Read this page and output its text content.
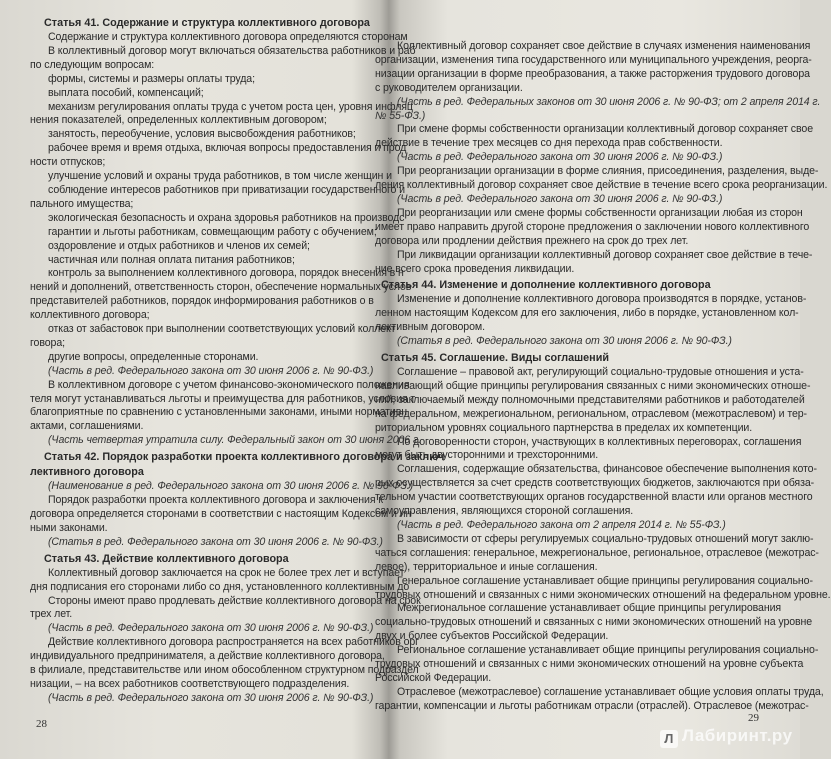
Статья 41. Содержание и структура коллективного договора
Содержание и структура коллективного договора определяются сторонам
В коллективный договор могут включаться обязательства работников и раб
по следующим вопросам:
формы, системы и размеры оплаты труда;
выплата пособий, компенсаций;
механизм регулирования оплаты труда с учетом роста цен, уровня инфляц
нения показателей, определенных коллективным договором;
занятость, переобучение, условия высвобождения работников;
рабочее время и время отдыха, включая вопросы предоставления и прод
ности отпусков;
улучшение условий и охраны труда работников, в том числе женщин и
соблюдение интересов работников при приватизации государственного и
пального имущества;
экологическая безопасность и охрана здоровья работников на производс
гарантии и льготы работникам, совмещающим работу с обучением;
оздоровление и отдых работников и членов их семей;
частичная или полная оплата питания работников;
контроль за выполнением коллективного договора, порядок внесения в н
нений и дополнений, ответственность сторон, обеспечение нормальных услов
представителей работников, порядок информирования работников о в
коллективного договора;
отказ от забастовок при выполнении соответствующих условий коллект
говора;
другие вопросы, определенные сторонами.
(Часть в ред. Федерального закона от 30 июня 2006 г. № 90-ФЗ.)
В коллективном договоре с учетом финансово-экономического положения
теля могут устанавливаться льготы и преимущества для работников, условия т
благоприятные по сравнению с установленными законами, иными нормативн
актами, соглашениями.
(Часть четвертая утратила силу. Федеральный закон от 30 июня 2006 г.
Статья 42. Порядок разработки проекта коллективного договора и заключ
лективного договора
(Наименование в ред. Федерального закона от 30 июня 2006 г. № 90-ФЗ.)
Порядок разработки проекта коллективного договора и заключения к
договора определяется сторонами в соответствии с настоящим Кодексом и ин
ными законами.
(Статья в ред. Федерального закона от 30 июня 2006 г. № 90-ФЗ.)
Статья 43. Действие коллективного договора
Коллективный договор заключается на срок не более трех лет и вступает
дня подписания его сторонами либо со дня, установленного коллективным до
Стороны имеют право продлевать действие коллективного договора на срок
трех лет.
(Часть в ред. Федерального закона от 30 июня 2006 г. № 90-ФЗ.)
Действие коллективного договора распространяется на всех работников орг
индивидуального предпринимателя, а действие коллективного договора,
в филиале, представительстве или ином обособленном структурном подраздел
низации, – на всех работников соответствующего подразделения.
(Часть в ред. Федерального закона от 30 июня 2006 г. № 90-ФЗ.)
Коллективный договор сохраняет свое действие в случаях изменения наименования
организации, изменения типа государственного или муниципального учреждения, реорга-
низации организации в форме преобразования, а также расторжения трудового договора
с руководителем организации.
(Часть в ред. Федеральных законов от 30 июня 2006 г. № 90-ФЗ; от 2 апреля 2014 г.
№ 55-ФЗ.)
При смене формы собственности организации коллективный договор сохраняет свое
действие в течение трех месяцев со дня перехода прав собственности.
(Часть в ред. Федерального закона от 30 июня 2006 г. № 90-ФЗ.)
При реорганизации организации в форме слияния, присоединения, разделения, выде-
ления коллективный договор сохраняет свое действие в течение всего срока реорганизации.
(Часть в ред. Федерального закона от 30 июня 2006 г. № 90-ФЗ.)
При реорганизации или смене формы собственности организации любая из сторон
имеет право направить другой стороне предложения о заключении нового коллективного
договора или продлении действия прежнего на срок до трех лет.
При ликвидации организации коллективный договор сохраняет свое действие в тече-
ние всего срока проведения ликвидации.
Статья 44. Изменение и дополнение коллективного договора
Изменение и дополнение коллективного договора производятся в порядке, установ-
ленном настоящим Кодексом для его заключения, либо в порядке, установленном кол-
лективным договором.
(Статья в ред. Федерального закона от 30 июня 2006 г. № 90-ФЗ.)
Статья 45. Соглашение. Виды соглашений
Соглашение – правовой акт, регулирующий социально-трудовые отношения и уста-
навливающий общие принципы регулирования связанных с ними экономических отноше-
ний, заключаемый между полномочными представителями работников и работодателей
на федеральном, межрегиональном, региональном, отраслевом (межотраслевом) и тер-
риториальном уровнях социального партнерства в пределах их компетенции.
По договоренности сторон, участвующих в коллективных переговорах, соглашения
могут быть двусторонними и трехсторонними.
Соглашения, содержащие обязательства, финансовое обеспечение выполнения кото-
рых осуществляется за счет средств соответствующих бюджетов, заключаются при обяза-
тельном участии соответствующих органов государственной власти или органов местного
самоуправления, являющихся стороной соглашения.
(Часть в ред. Федерального закона от 2 апреля 2014 г. № 55-ФЗ.)
В зависимости от сферы регулируемых социально-трудовых отношений могут заклю-
чаться соглашения: генеральное, межрегиональное, региональное, отраслевое (межотрас-
левое), территориальное и иные соглашения.
Генеральное соглашение устанавливает общие принципы регулирования социально-
трудовых отношений и связанных с ними экономических отношений на федеральном уровне.
Межрегиональное соглашение устанавливает общие принципы регулирования
социально-трудовых отношений и связанных с ними экономических отношений на уровне
двух и более субъектов Российской Федерации.
Региональное соглашение устанавливает общие принципы регулирования социально-
трудовых отношений и связанных с ними экономических отношений на уровне субъекта
Российской Федерации.
Отраслевое (межотраслевое) соглашение устанавливает общие условия оплаты труда,
гарантии, компенсации и льготы работникам отрасли (отраслей). Отраслевое (межотрас-
28	29
Л Лабиринт.ру
